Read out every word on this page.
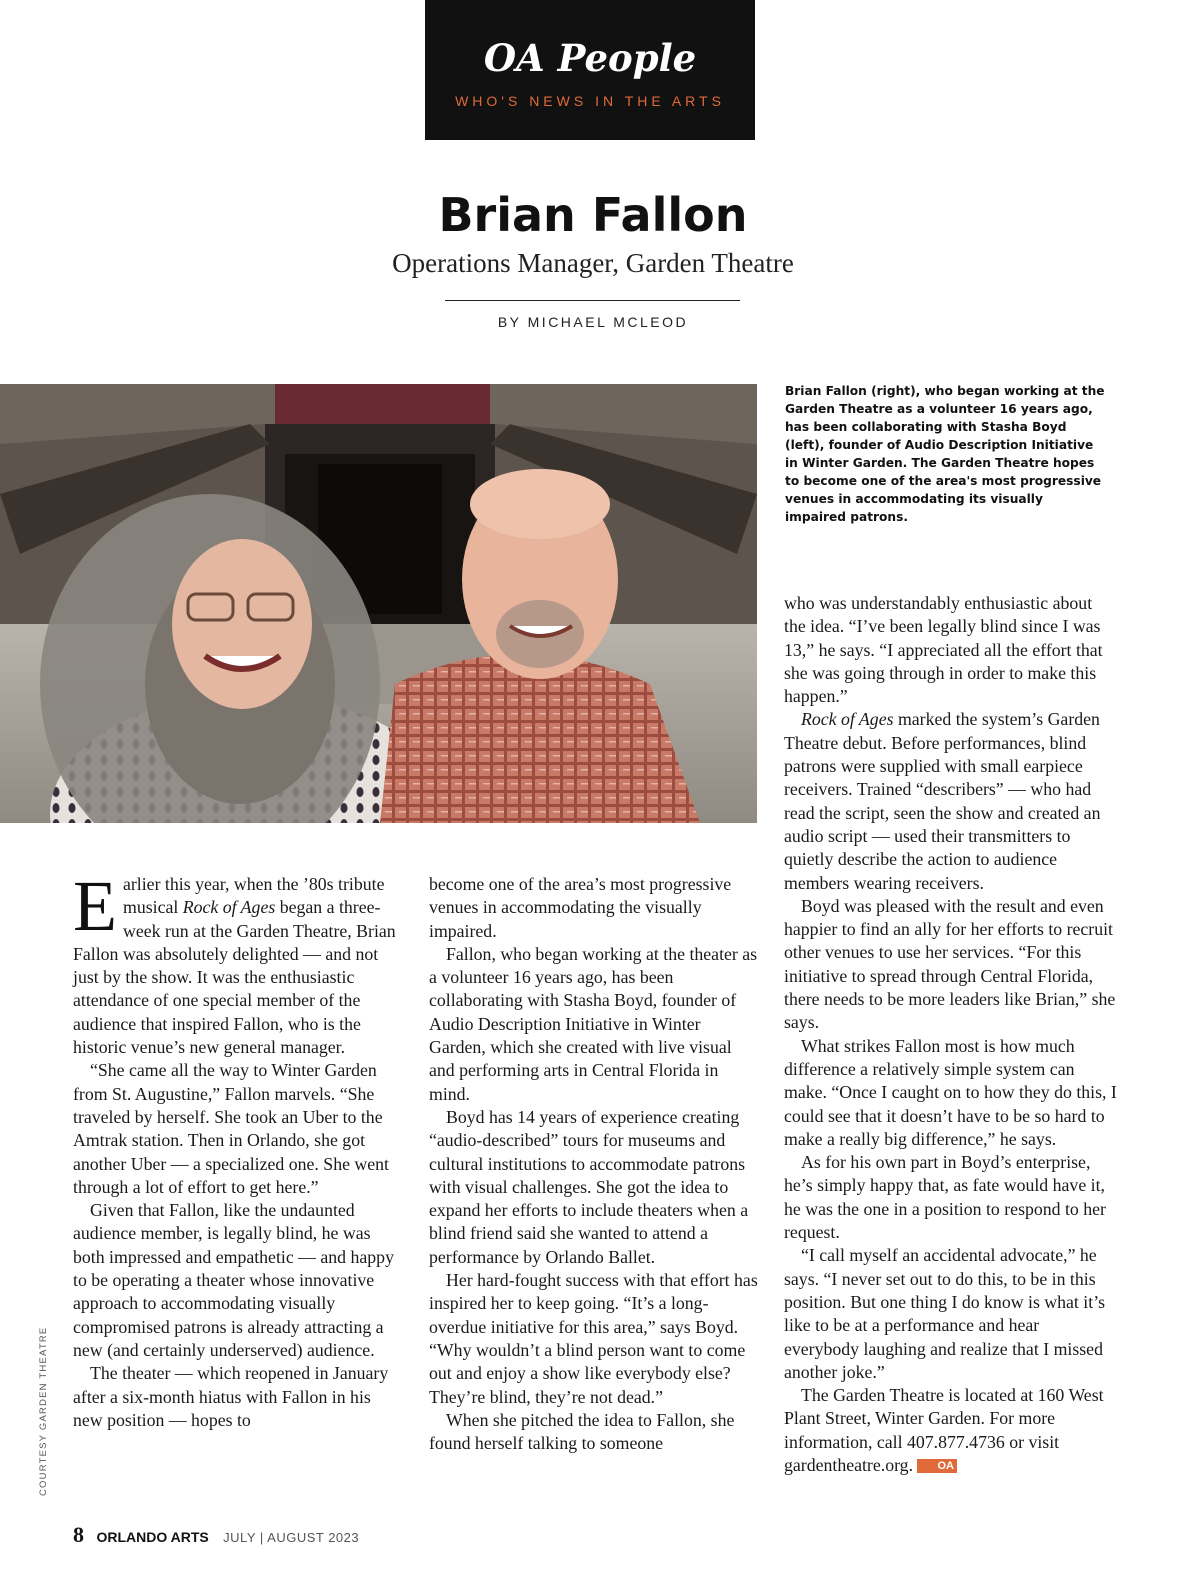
OA People
WHO'S NEWS IN THE ARTS
Brian Fallon
Operations Manager, Garden Theatre
BY MICHAEL MCLEOD
Brian Fallon (right), who began working at the Garden Theatre as a volunteer 16 years ago, has been collaborating with Stasha Boyd (left), founder of Audio Description Initiative in Winter Garden. The Garden Theatre hopes to become one of the area's most progressive venues in accommodating its visually impaired patrons.
COURTESY GARDEN THEATRE

Earlier this year, when the ’80s tribute musical Rock of Ages began a three-week run at the Garden Theatre, Brian Fallon was absolutely delighted — and not just by the show. It was the enthusiastic attendance of one special member of the audience that inspired Fallon, who is the historic venue’s new general manager.

“She came all the way to Winter Garden from St. Augustine,” Fallon marvels. “She traveled by herself. She took an Uber to the Amtrak station. Then in Orlando, she got another Uber — a specialized one. She went through a lot of effort to get here.”

Given that Fallon, like the undaunted audience member, is legally blind, he was both impressed and empathetic — and happy to be operating a theater whose innovative approach to accommodating visually compromised patrons is already attracting a new (and certainly underserved) audience.

The theater — which reopened in January after a six-month hiatus with Fallon in his new position — hopes to

become one of the area’s most progressive venues in accommodating the visually impaired.

Fallon, who began working at the theater as a volunteer 16 years ago, has been collaborating with Stasha Boyd, founder of Audio Description Initiative in Winter Garden, which she created with live visual and performing arts in Central Florida in mind.

Boyd has 14 years of experience creating “audio-described” tours for museums and cultural institutions to accommodate patrons with visual challenges. She got the idea to expand her efforts to include theaters when a blind friend said she wanted to attend a performance by Orlando Ballet.

Her hard-fought success with that effort has inspired her to keep going. “It’s a long-overdue initiative for this area,” says Boyd. “Why wouldn’t a blind person want to come out and enjoy a show like everybody else? They’re blind, they’re not dead.”

When she pitched the idea to Fallon, she found herself talking to someone

who was understandably enthusiastic about the idea. “I’ve been legally blind since I was 13,” he says. “I appreciated all the effort that she was going through in order to make this happen.”

Rock of Ages marked the system’s Garden Theatre debut. Before performances, blind patrons were supplied with small earpiece receivers. Trained “describers” — who had read the script, seen the show and created an audio script — used their transmitters to quietly describe the action to audience members wearing receivers.

Boyd was pleased with the result and even happier to find an ally for her efforts to recruit other venues to use her services. “For this initiative to spread through Central Florida, there needs to be more leaders like Brian,” she says.

What strikes Fallon most is how much difference a relatively simple system can make. “Once I caught on to how they do this, I could see that it doesn’t have to be so hard to make a really big difference,” he says.

As for his own part in Boyd’s enterprise, he’s simply happy that, as fate would have it, he was the one in a position to respond to her request.

“I call myself an accidental advocate,” he says. “I never set out to do this, to be in this position. But one thing I do know is what it’s like to be at a performance and hear everybody laughing and realize that I missed another joke.”

The Garden Theatre is located at 160 West Plant Street, Winter Garden. For more information, call 407.877.4736 or visit gardentheatre.org. OA

8 ORLANDO ARTS JULY | AUGUST 2023
